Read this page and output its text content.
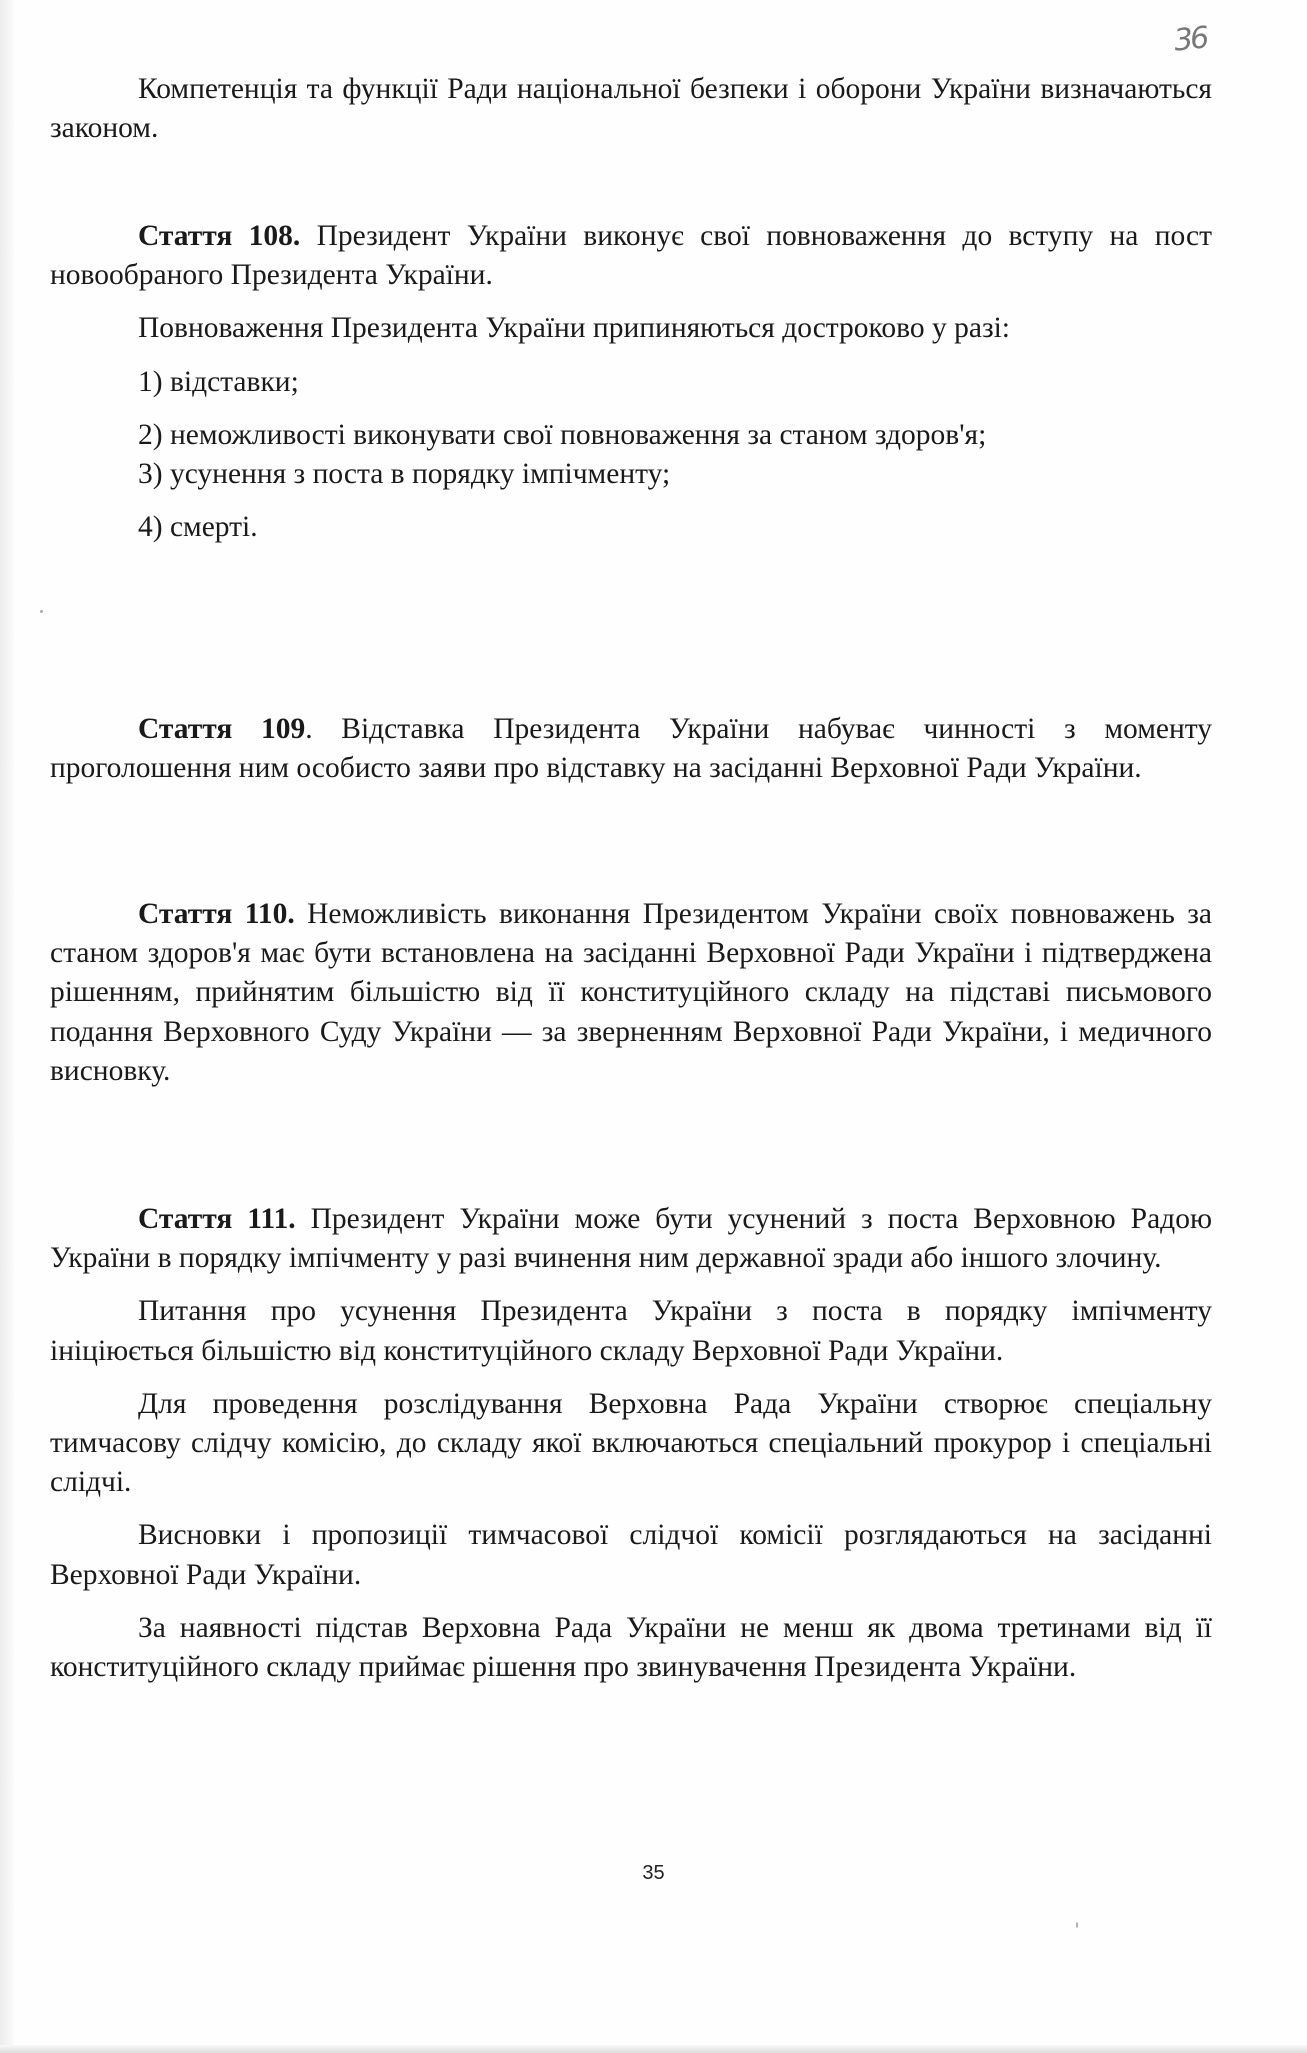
36

Компетенція та функції Ради національної безпеки і оборони України визначаються законом.

Стаття 108. Президент України виконує свої повноваження до вступу на пост новообраного Президента України.

Повноваження Президента України припиняються достроково у разі:

1) відставки;

2) неможливості виконувати свої повноваження за станом здоров'я;

3) усунення з поста в порядку імпічменту;

4) смерті.

Стаття 109. Відставка Президента України набуває чинності з моменту проголошення ним особисто заяви про відставку на засіданні Верховної Ради України.

Стаття 110. Неможливість виконання Президентом України своїх повноважень за станом здоров'я має бути встановлена на засіданні Верховної Ради України і підтверджена рішенням, прийнятим більшістю від її конституційного складу на підставі письмового подання Верховного Суду України — за зверненням Верховної Ради України, і медичного висновку.

Стаття 111. Президент України може бути усунений з поста Верховною Радою України в порядку імпічменту у разі вчинення ним державної зради або іншого злочину.

Питання про усунення Президента України з поста в порядку імпічменту ініціюється більшістю від конституційного складу Верховної Ради України.

Для проведення розслідування Верховна Рада України створює спеціальну тимчасову слідчу комісію, до складу якої включаються спеціальний прокурор і спеціальні слідчі.

Висновки і пропозиції тимчасової слідчої комісії розглядаються на засіданні Верховної Ради України.

За наявності підстав Верховна Рада України не менш як двома третинами від її конституційного складу приймає рішення про звинувачення Президента України.

35
